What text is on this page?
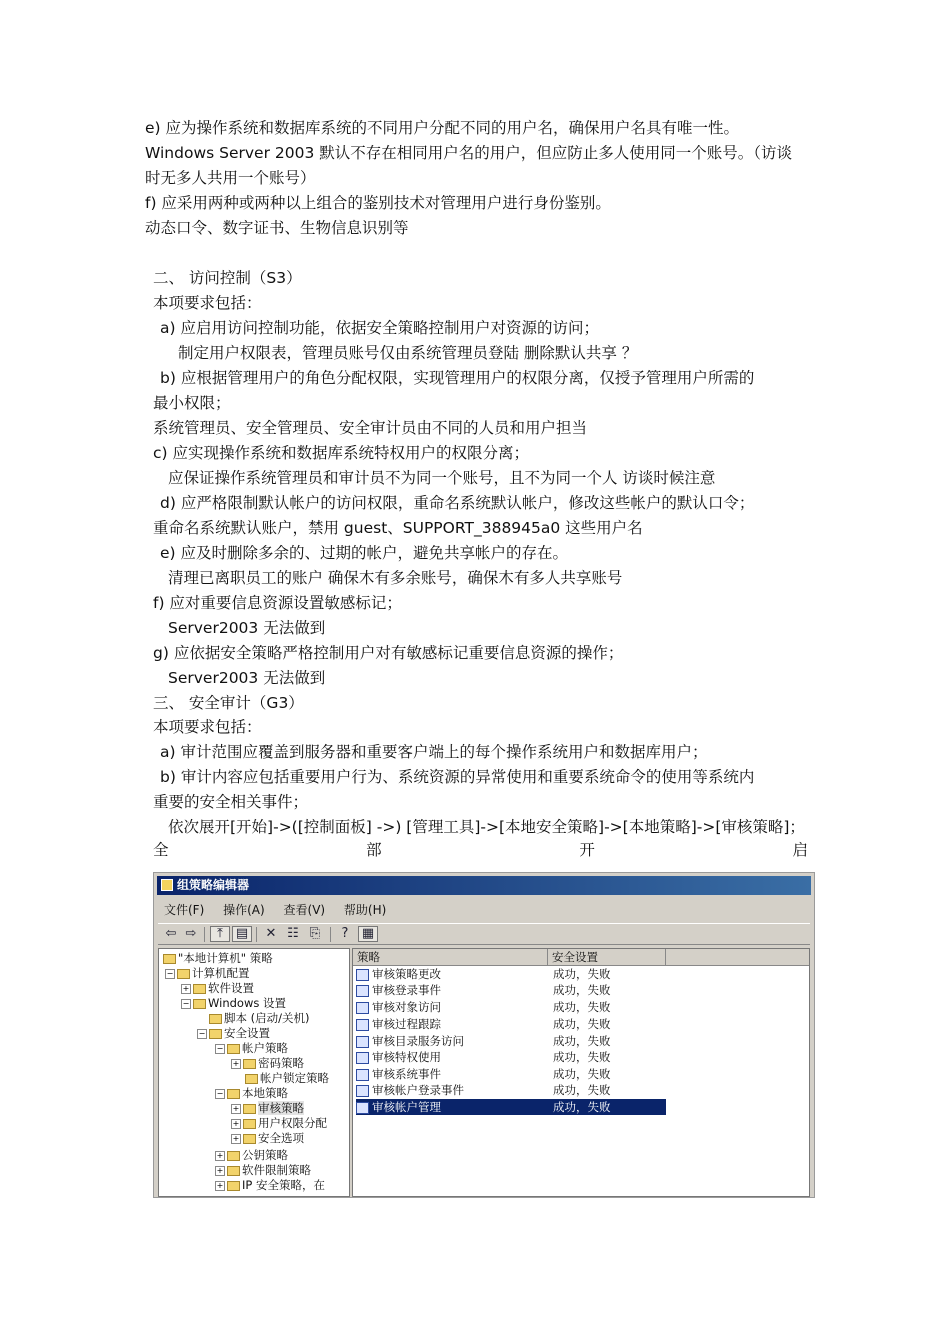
e) 应为操作系统和数据库系统的不同用户分配不同的用户名，确保用户名具有唯一性。
Windows Server 2003 默认不存在相同用户名的用户，但应防止多人使用同一个账号。（访谈
时无多人共用一个账号）
f) 应采用两种或两种以上组合的鉴别技术对管理用户进行身份鉴别。
动态口令、数字证书、生物信息识别等
二、 访问控制（S3）
本项要求包括：
a) 应启用访问控制功能，依据安全策略控制用户对资源的访问；
制定用户权限表，管理员账号仅由系统管理员登陆 删除默认共享 ？
b) 应根据管理用户的角色分配权限，实现管理用户的权限分离，仅授予管理用户所需的
最小权限；
系统管理员、安全管理员、安全审计员由不同的人员和用户担当
c) 应实现操作系统和数据库系统特权用户的权限分离；
应保证操作系统管理员和审计员不为同一个账号，且不为同一个人 访谈时候注意
d) 应严格限制默认帐户的访问权限，重命名系统默认帐户，修改这些帐户的默认口令；
重命名系统默认账户，禁用 guest、SUPPORT_388945a0 这些用户名
e) 应及时删除多余的、过期的帐户，避免共享帐户的存在。
清理已离职员工的账户 确保木有多余账号，确保木有多人共享账号
f) 应对重要信息资源设置敏感标记；
Server2003 无法做到
g) 应依据安全策略严格控制用户对有敏感标记重要信息资源的操作；
Server2003 无法做到
三、 安全审计（G3）
本项要求包括：
a) 审计范围应覆盖到服务器和重要客户端上的每个操作系统用户和数据库用户；
b) 审计内容应包括重要用户行为、系统资源的异常使用和重要系统命令的使用等系统内
重要的安全相关事件；
依次展开[开始]->([控制面板] ->) [管理工具]->[本地安全策略]->[本地策略]->[审核策略]；
全	部	开	启
组策略编辑器
文件(F) 操作(A) 查看(V) 帮助(H)
⇦ ⇨	⤒ ▤ ✕ ☷ ⎘	?	▦
"本地计算机" 策略
− 计算机配置
+ 软件设置
− Windows 设置
脚本 (启动/关机)
− 安全设置
− 帐户策略
+ 密码策略
帐户锁定策略
− 本地策略
+ 审核策略
+ 用户权限分配
+ 安全选项
+ 公钥策略
+ 软件限制策略
+ IP 安全策略，在
策略	安全设置
审核策略更改	成功，失败
审核登录事件	成功，失败
审核对象访问	成功，失败
审核过程跟踪	成功，失败
审核目录服务访问	成功，失败
审核特权使用	成功，失败
审核系统事件	成功，失败
审核帐户登录事件	成功，失败
审核帐户管理	成功，失败
